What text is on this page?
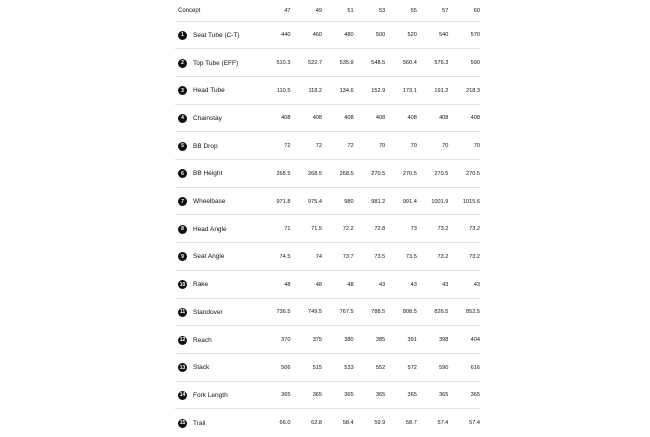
Concept	47	49	51	53	55	57	60
1	Seat Tube (C-T)	440	460	480	500	520	540	570
2	Top Tube (EFF)	510.3	522.7	535.9	548.5	560.4	576.3	590
3	Head Tube	110.5	118.2	134.6	152.9	173.1	191.2	218.3
4	Chainstay	408	408	408	408	408	408	408
5	BB Drop	72	72	72	70	70	70	70
6	BB Height	268.5	268.5	268.5	270.5	270.5	270.5	270.5
7	Wheelbase	971.8	975.4	980	981.2	991.4	1001.9	1015.6
8	Head Angle	71	71.5	72.2	72.8	73	73.2	73.2
9	Seat Angle	74.5	74	73.7	73.5	73.5	73.2	73.2
10	Rake	48	48	48	43	43	43	43
11	Standover	736.5	749.5	767.5	788.5	808.5	826.5	852.5
12	Reach	370	375	380	385	391	398	404
13	Stack	506	515	533	552	572	590	616
14	Fork Length	365	365	365	365	365	365	365
15	Trail	66.0	62.8	58.4	59.9	58.7	57.4	57.4
